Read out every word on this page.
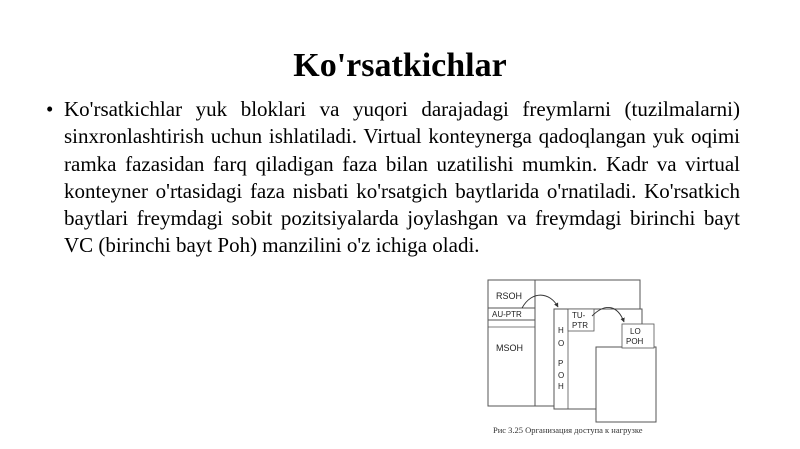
Ko'rsatkichlar
• Ko'rsatkichlar yuk bloklari va yuqori darajadagi freymlarni (tuzilmalarni) sinxronlashtirish uchun ishlatiladi. Virtual konteynerga qadoqlangan yuk oqimi ramka fazasidan farq qiladigan faza bilan uzatilishi mumkin. Kadr va virtual konteyner o'rtasidagi faza nisbati ko'rsatgich baytlarida o'rnatiladi. Ko'rsatkich baytlari freymdagi sobit pozitsiyalarda joylashgan va freymdagi birinchi bayt VC (birinchi bayt Poh) manzilini o'z ichiga oladi.
RSOH
AU-PTR
MSOH
H
O
P
O
H
TU-
PTR
LO
POH
Рис 3.25 Организация доступа к нагрузке
